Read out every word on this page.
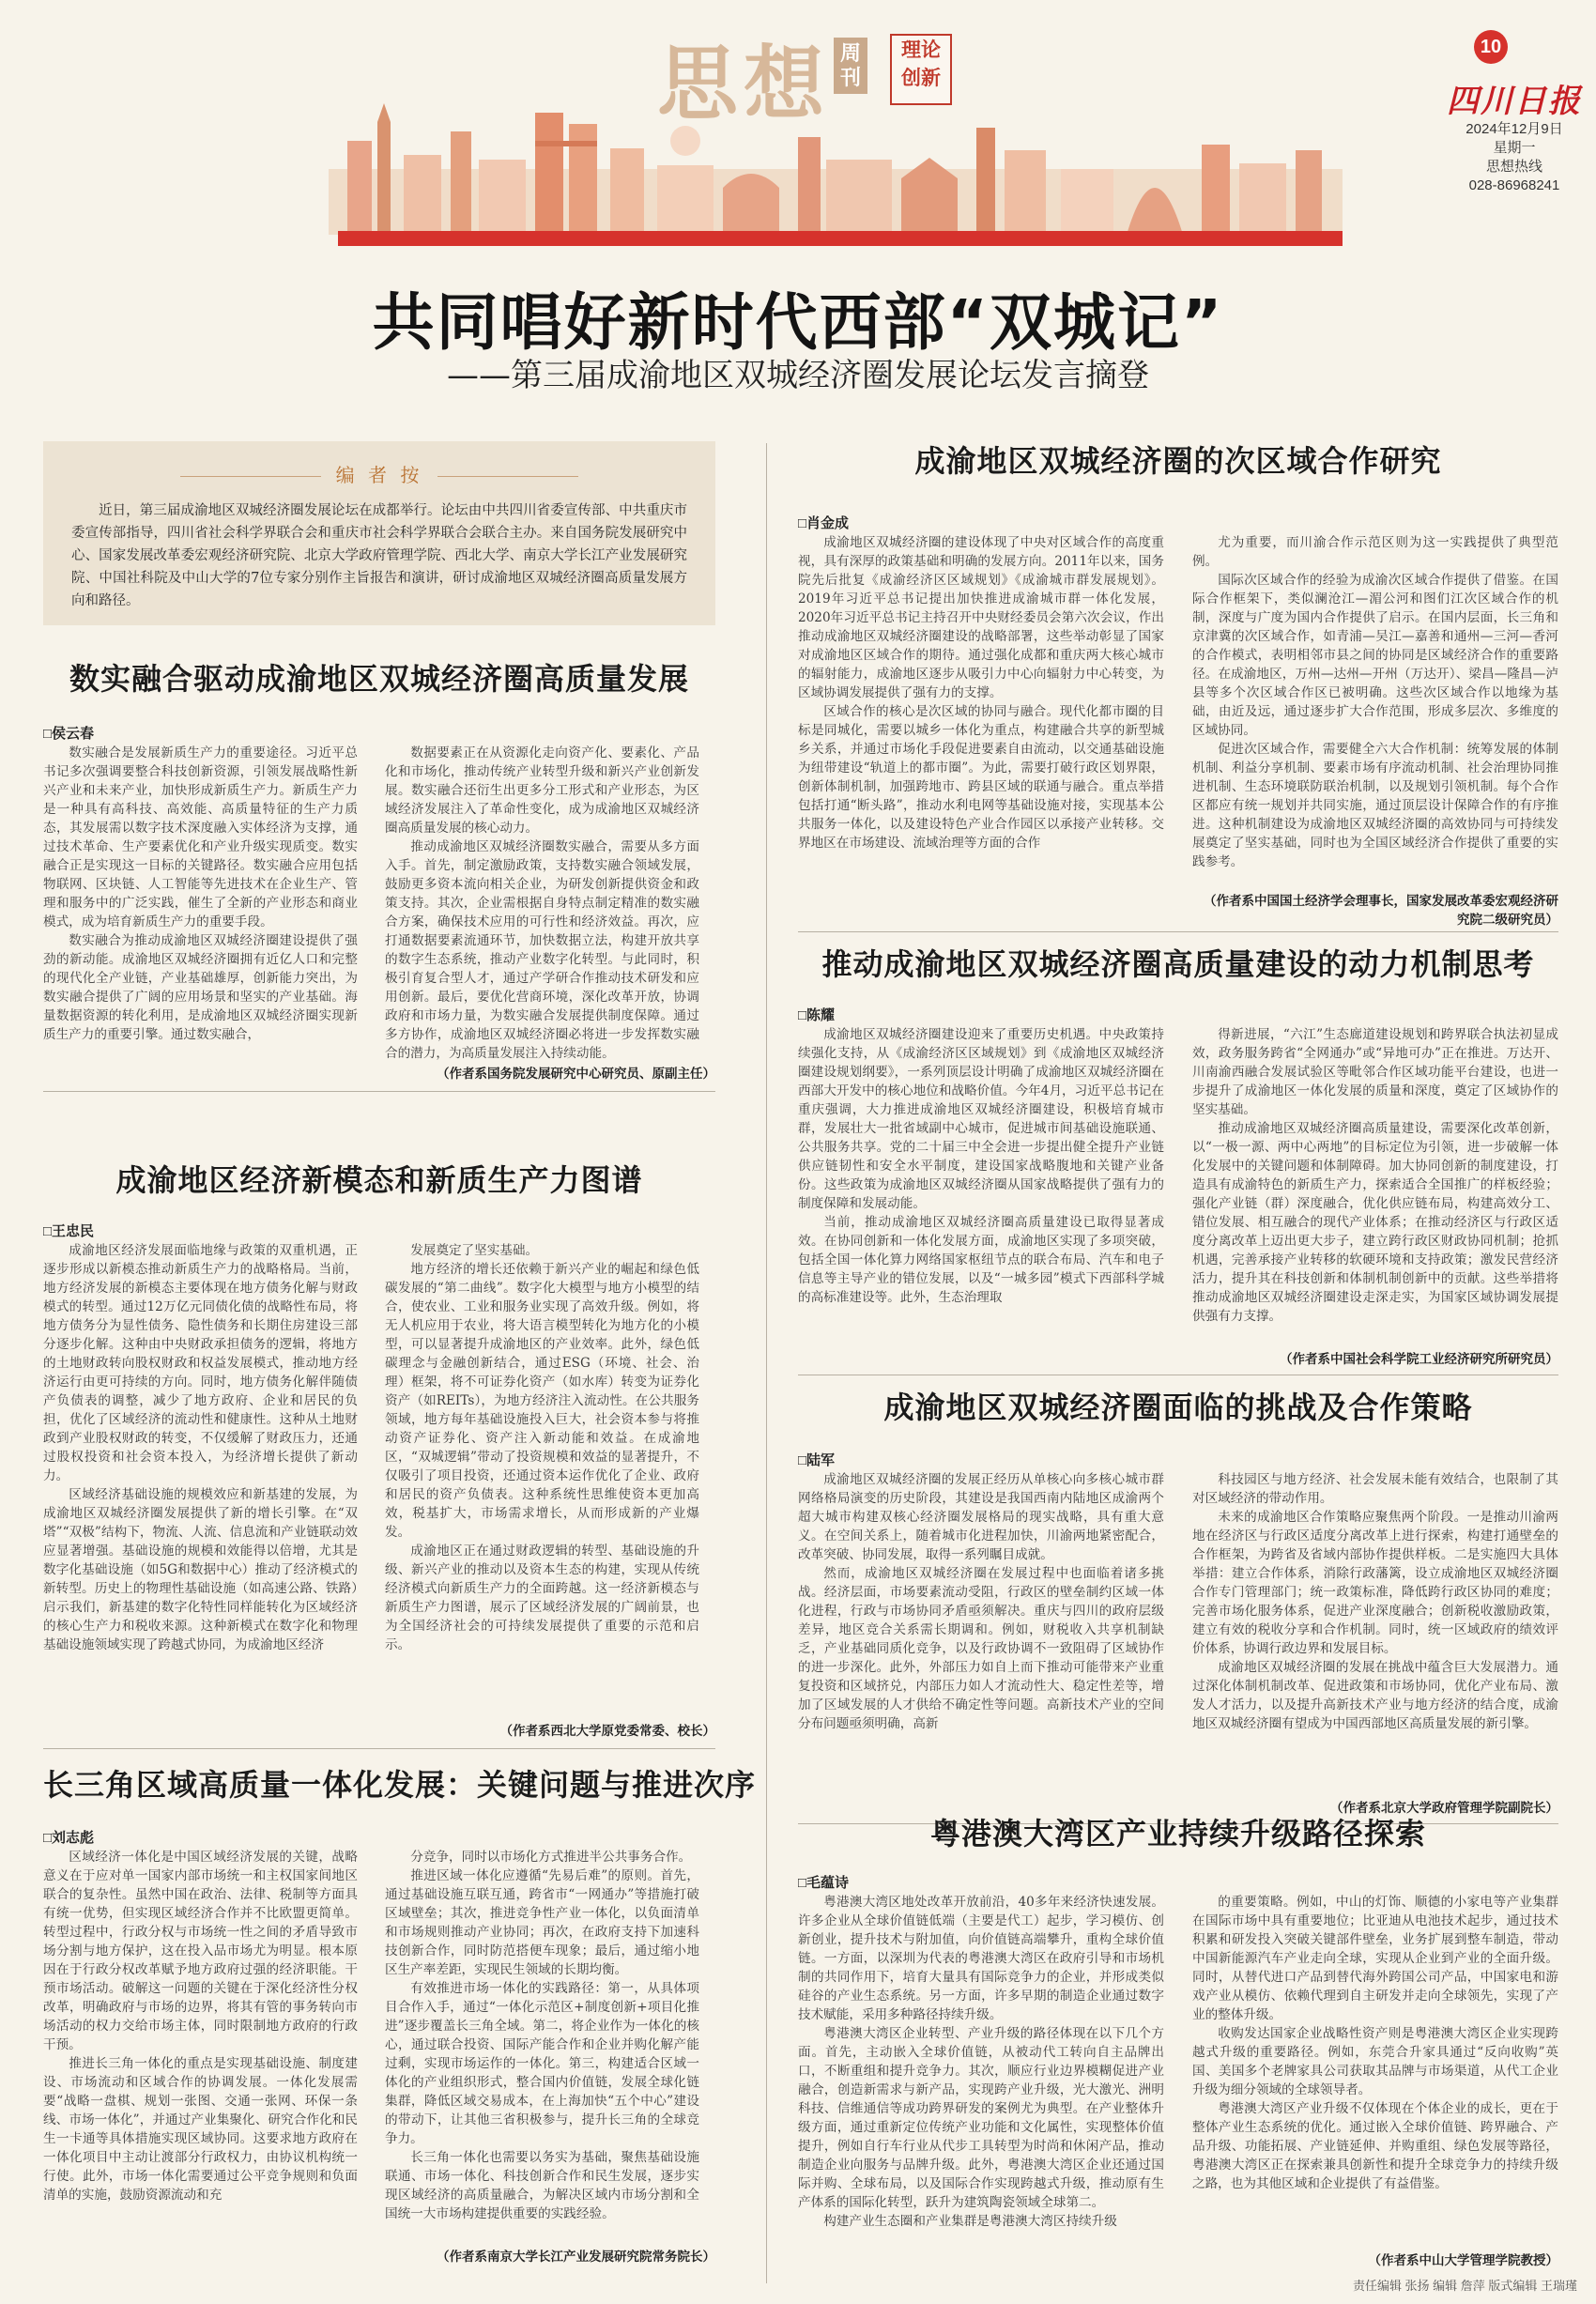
思想 周刊
理论
创新
10
四川日报
2024年12月9日
星期一
思想热线
028-86968241
共同唱好新时代西部“双城记”
——第三届成渝地区双城经济圈发展论坛发言摘登
编 者 按

近日，第三届成渝地区双城经济圈发展论坛在成都举行。论坛由中共四川省委宣传部、中共重庆市委宣传部指导，四川省社会科学界联合会和重庆市社会科学界联合会联合主办。来自国务院发展研究中心、国家发展改革委宏观经济研究院、北京大学政府管理学院、西北大学、南京大学长江产业发展研究院、中国社科院及中山大学的7位专家分别作主旨报告和演讲，研讨成渝地区双城经济圈高质量发展方向和路径。

数实融合驱动成渝地区双城经济圈高质量发展
□侯云春

数实融合是发展新质生产力的重要途径。习近平总书记多次强调要整合科技创新资源，引领发展战略性新兴产业和未来产业，加快形成新质生产力。新质生产力是一种具有高科技、高效能、高质量特征的生产力质态，其发展需以数字技术深度融入实体经济为支撑，通过技术革命、生产要素优化和产业升级实现质变。数实融合正是实现这一目标的关键路径。数实融合应用包括物联网、区块链、人工智能等先进技术在企业生产、管理和服务中的广泛实践，催生了全新的产业形态和商业模式，成为培育新质生产力的重要手段。

数实融合为推动成渝地区双城经济圈建设提供了强劲的新动能。成渝地区双城经济圈拥有近亿人口和完整的现代化全产业链，产业基础雄厚，创新能力突出，为数实融合提供了广阔的应用场景和坚实的产业基础。海量数据资源的转化利用，是成渝地区双城经济圈实现新质生产力的重要引擎。通过数实融合，

数据要素正在从资源化走向资产化、要素化、产品化和市场化，推动传统产业转型升级和新兴产业创新发展。数实融合还衍生出更多分工形式和产业形态，为区域经济发展注入了革命性变化，成为成渝地区双城经济圈高质量发展的核心动力。

推动成渝地区双城经济圈数实融合，需要从多方面入手。首先，制定激励政策，支持数实融合领域发展，鼓励更多资本流向相关企业，为研发创新提供资金和政策支持。其次，企业需根据自身特点制定精准的数实融合方案，确保技术应用的可行性和经济效益。再次，应打通数据要素流通环节，加快数据立法，构建开放共享的数字生态系统，推动产业数字化转型。与此同时，积极引育复合型人才，通过产学研合作推动技术研发和应用创新。最后，要优化营商环境，深化改革开放，协调政府和市场力量，为数实融合发展提供制度保障。通过多方协作，成渝地区双城经济圈必将进一步发挥数实融合的潜力，为高质量发展注入持续动能。

（作者系国务院发展研究中心研究员、原副主任）
成渝地区经济新模态和新质生产力图谱
□王忠民

成渝地区经济发展面临地缘与政策的双重机遇，正逐步形成以新模态推动新质生产力的战略格局。当前，地方经济发展的新模态主要体现在地方债务化解与财政模式的转型。通过12万亿元同债化债的战略性布局，将地方债务分为显性债务、隐性债务和长期住房建设三部分逐步化解。这种由中央财政承担债务的逻辑，将地方的土地财政转向股权财政和权益发展模式，推动地方经济运行由更可持续的方向。同时，地方债务化解伴随债产负债表的调整，减少了地方政府、企业和居民的负担，优化了区域经济的流动性和健康性。这种从土地财政到产业股权财政的转变，不仅缓解了财政压力，还通过股权投资和社会资本投入，为经济增长提供了新动力。

区域经济基础设施的规模效应和新基建的发展，为成渝地区双城经济圈发展提供了新的增长引擎。在“双塔”“双极”结构下，物流、人流、信息流和产业链联动效应显著增强。基础设施的规模和效能得以倍增，尤其是数字化基础设施（如5G和数据中心）推动了经济模式的新转型。历史上的物理性基础设施（如高速公路、铁路）启示我们，新基建的数字化特性同样能转化为区域经济的核心生产力和税收来源。这种新模式在数字化和物理基础设施领域实现了跨越式协同，为成渝地区经济

发展奠定了坚实基础。

地方经济的增长还依赖于新兴产业的崛起和绿色低碳发展的“第二曲线”。数字化大模型与地方小模型的结合，使农业、工业和服务业实现了高效升级。例如，将无人机应用于农业，将大语言模型转化为地方化的小模型，可以显著提升成渝地区的产业效率。此外，绿色低碳理念与金融创新结合，通过ESG（环境、社会、治理）框架，将不可证券化资产（如水库）转变为证券化资产（如REITs），为地方经济注入流动性。在公共服务领域，地方每年基础设施投入巨大，社会资本参与将推动资产证券化、资产注入新动能和效益。在成渝地区，“双城逻辑”带动了投资规模和效益的显著提升，不仅吸引了项目投资，还通过资本运作优化了企业、政府和居民的资产负债表。这种系统性思维使资本更加高效，税基扩大，市场需求增长，从而形成新的产业爆发。

成渝地区正在通过财政逻辑的转型、基础设施的升级、新兴产业的推动以及资本生态的构建，实现从传统经济模式向新质生产力的全面跨越。这一经济新模态与新质生产力图谱，展示了区域经济发展的广阔前景，也为全国经济社会的可持续发展提供了重要的示范和启示。

（作者系西北大学原党委常委、校长）
长三角区域高质量一体化发展：关键问题与推进次序
□刘志彪

区域经济一体化是中国区域经济发展的关键，战略意义在于应对单一国家内部市场统一和主权国家间地区联合的复杂性。虽然中国在政治、法律、税制等方面具有统一优势，但实现区域经济合作并不比欧盟更简单。转型过程中，行政分权与市场统一性之间的矛盾导致市场分割与地方保护，这在投入品市场尤为明显。根本原因在于行政分权改革赋予地方政府过强的经济职能。干预市场活动。破解这一问题的关键在于深化经济性分权改革，明确政府与市场的边界，将其有管的事务转向市场活动的权力交给市场主体，同时限制地方政府的行政干预。

推进长三角一体化的重点是实现基础设施、制度建设、市场流动和区域合作的协调发展。一体化发展需要“战略一盘棋、规划一张图、交通一张网、环保一条线、市场一体化”，并通过产业集聚化、研究合作化和民生一卡通等具体措施实现区域协同。这要求地方政府在一体化项目中主动让渡部分行政权力，由协议机构统一行使。此外，市场一体化需要通过公平竞争规则和负面清单的实施，鼓励资源流动和充

分竞争，同时以市场化方式推进半公共事务合作。

推进区域一体化应遵循“先易后难”的原则。首先，通过基础设施互联互通，跨省市“一网通办”等措施打破区域壁垒；其次，推进竞争性产业一体化，以负面清单和市场规则推动产业协同；再次，在政府支持下加速科技创新合作，同时防范搭便车现象；最后，通过缩小地区生产率差距，实现民生领域的长期均衡。

有效推进市场一体化的实践路径：第一，从具体项目合作入手，通过“一体化示范区+制度创新+项目化推进”逐步覆盖长三角全域。第二，将企业作为一体化的核心，通过联合投资、国际产能合作和企业并购化解产能过剩，实现市场运作的一体化。第三，构建适合区域一体化的产业组织形式，整合国内价值链，发展全球化链集群，降低区域交易成本，在上海加快“五个中心”建设的带动下，让其他三省积极参与，提升长三角的全球竞争力。

长三角一体化也需要以务实为基础，聚焦基础设施联通、市场一体化、科技创新合作和民生发展，逐步实现区域经济的高质量融合，为解决区域内市场分割和全国统一大市场构建提供重要的实践经验。

（作者系南京大学长江产业发展研究院常务院长）
成渝地区双城经济圈的次区域合作研究
□肖金成

成渝地区双城经济圈的建设体现了中央对区域合作的高度重视，具有深厚的政策基础和明确的发展方向。2011年以来，国务院先后批复《成渝经济区区域规划》《成渝城市群发展规划》。2019年习近平总书记提出加快推进成渝城市群一体化发展，2020年习近平总书记主持召开中央财经委员会第六次会议，作出推动成渝地区双城经济圈建设的战略部署，这些举动彰显了国家对成渝地区区域合作的期待。通过强化成都和重庆两大核心城市的辐射能力，成渝地区逐步从吸引力中心向辐射力中心转变，为区域协调发展提供了强有力的支撑。

区域合作的核心是次区域的协同与融合。现代化都市圈的目标是同城化，需要以城乡一体化为重点，构建融合共享的新型城乡关系，并通过市场化手段促进要素自由流动，以交通基础设施为纽带建设“轨道上的都市圈”。为此，需要打破行政区划界限，创新体制机制，加强跨地市、跨县区域的联通与融合。重点举措包括打通“断头路”，推动水利电网等基础设施对接，实现基本公共服务一体化，以及建设特色产业合作园区以承接产业转移。交界地区在市场建设、流域治理等方面的合作

尤为重要，而川渝合作示范区则为这一实践提供了典型范例。

国际次区域合作的经验为成渝次区域合作提供了借鉴。在国际合作框架下，类似澜沧江—湄公河和图们江次区域合作的机制，深度与广度为国内合作提供了启示。在国内层面，长三角和京津冀的次区域合作，如青浦—吴江—嘉善和通州—三河—香河的合作模式，表明相邻市县之间的协同是区域经济合作的重要路径。在成渝地区，万州—达州—开州（万达开）、梁昌—隆昌—泸县等多个次区域合作区已被明确。这些次区域合作以地缘为基础，由近及远，通过逐步扩大合作范围，形成多层次、多维度的区域协同。

促进次区域合作，需要健全六大合作机制：统筹发展的体制机制、利益分享机制、要素市场有序流动机制、社会治理协同推进机制、生态环境联防联治机制，以及规划引领机制。每个合作区都应有统一规划并共同实施，通过顶层设计保障合作的有序推进。这种机制建设为成渝地区双城经济圈的高效协同与可持续发展奠定了坚实基础，同时也为全国区域经济合作提供了重要的实践参考。

（作者系中国国土经济学会理事长，国家发展改革委宏观经济研究院二级研究员）
推动成渝地区双城经济圈高质量建设的动力机制思考
□陈耀

成渝地区双城经济圈建设迎来了重要历史机遇。中央政策持续强化支持，从《成渝经济区区域规划》到《成渝地区双城经济圈建设规划纲要》，一系列顶层设计明确了成渝地区双城经济圈在西部大开发中的核心地位和战略价值。今年4月，习近平总书记在重庆强调，大力推进成渝地区双城经济圈建设，积极培育城市群，发展壮大一批省域副中心城市，促进城市间基础设施联通、公共服务共享。党的二十届三中全会进一步提出健全提升产业链供应链韧性和安全水平制度，建设国家战略腹地和关键产业备份。这些政策为成渝地区双城经济圈从国家战略提供了强有力的制度保障和发展动能。

当前，推动成渝地区双城经济圈高质量建设已取得显著成效。在协同创新和一体化发展方面，成渝地区实现了多项突破，包括全国一体化算力网络国家枢纽节点的联合布局、汽车和电子信息等主导产业的错位发展，以及“一城多园”模式下西部科学城的高标准建设等。此外，生态治理取

得新进展，“六江”生态廊道建设规划和跨界联合执法初显成效，政务服务跨省“全网通办”或“异地可办”正在推进。万达开、川南渝西融合发展试验区等毗邻合作区域功能平台建设，也进一步提升了成渝地区一体化发展的质量和深度，奠定了区域协作的坚实基础。

推动成渝地区双城经济圈高质量建设，需要深化改革创新，以“一极一源、两中心两地”的目标定位为引领，进一步破解一体化发展中的关键问题和体制障碍。加大协同创新的制度建设，打造具有成渝特色的新质生产力，探索适合全国推广的样板经验；强化产业链（群）深度融合，优化供应链布局，构建高效分工、错位发展、相互融合的现代产业体系；在推动经济区与行政区适度分离改革上迈出更大步子，建立跨行政区财政协同机制；抢抓机遇，完善承接产业转移的软硬环境和支持政策；激发民营经济活力，提升其在科技创新和体制机制创新中的贡献。这些举措将推动成渝地区双城经济圈建设走深走实，为国家区域协调发展提供强有力支撑。

（作者系中国社会科学院工业经济研究所研究员）
成渝地区双城经济圈面临的挑战及合作策略
□陆军

成渝地区双城经济圈的发展正经历从单核心向多核心城市群网络格局演变的历史阶段，其建设是我国西南内陆地区成渝两个超大城市构建双核心经济圈发展格局的现实战略，具有重大意义。在空间关系上，随着城市化进程加快，川渝两地紧密配合，改革突破、协同发展，取得一系列瞩目成就。

然而，成渝地区双城经济圈在发展过程中也面临着诸多挑战。经济层面，市场要素流动受阻，行政区的壁垒制约区域一体化进程，行政与市场协同矛盾亟须解决。重庆与四川的政府层级差异，地区竞合关系需长期调和。例如，财税收入共享机制缺乏，产业基础同质化竞争，以及行政协调不一致阻碍了区域协作的进一步深化。此外，外部压力如自上而下推动可能带来产业重复投资和区域挤兑，内部压力如人才流动性大、稳定性差等，增加了区域发展的人才供给不确定性等问题。高新技术产业的空间分布问题亟须明确，高新

科技园区与地方经济、社会发展未能有效结合，也限制了其对区域经济的带动作用。

未来的成渝地区合作策略应聚焦两个阶段。一是推动川渝两地在经济区与行政区适度分离改革上进行探索，构建打通壁垒的合作框架，为跨省及省域内部协作提供样板。二是实施四大具体举措：建立合作体系，消除行政藩篱，设立成渝地区双城经济圈合作专门管理部门；统一政策标准，降低跨行政区协同的难度；完善市场化服务体系，促进产业深度融合；创新税收激励政策，建立有效的税收分享和合作机制。同时，统一区域政府的绩效评价体系，协调行政边界和发展目标。

成渝地区双城经济圈的发展在挑战中蕴含巨大发展潜力。通过深化体制机制改革、促进政策和市场协同，优化产业布局、激发人才活力，以及提升高新技术产业与地方经济的结合度，成渝地区双城经济圈有望成为中国西部地区高质量发展的新引擎。

（作者系北京大学政府管理学院副院长）
粤港澳大湾区产业持续升级路径探索
□毛蕴诗

粤港澳大湾区地处改革开放前沿，40多年来经济快速发展。许多企业从全球价值链低端（主要是代工）起步，学习模仿、创新创业，提升技术与附加值，向价值链高端攀升，重构全球价值链。一方面，以深圳为代表的粤港澳大湾区在政府引导和市场机制的共同作用下，培育大量具有国际竞争力的企业，并形成类似硅谷的产业生态系统。另一方面，许多早期的制造企业通过数字技术赋能，采用多种路径持续升级。

粤港澳大湾区企业转型、产业升级的路径体现在以下几个方面。首先，主动嵌入全球价值链，从被动代工转向自主品牌出口，不断重组和提升竞争力。其次，顺应行业边界模糊促进产业融合，创造新需求与新产品，实现跨产业升级，光大激光、洲明科技、信维通信等成功跨界研发的案例尤为典型。在产业整体升级方面，通过重新定位传统产业功能和文化属性，实现整体价值提升，例如自行车行业从代步工具转型为时尚和休闲产品，推动制造企业向服务与品牌升级。此外，粤港澳大湾区企业还通过国际并购、全球布局，以及国际合作实现跨越式升级，推动原有生产体系的国际化转型，跃升为建筑陶瓷领域全球第二。

构建产业生态圈和产业集群是粤港澳大湾区持续升级

的重要策略。例如，中山的灯饰、顺德的小家电等产业集群在国际市场中具有重要地位；比亚迪从电池技术起步，通过技术积累和研发投入突破关键部件壁垒，业务扩展到整车制造，带动中国新能源汽车产业走向全球，实现从企业到产业的全面升级。同时，从替代进口产品到替代海外跨国公司产品，中国家电和游戏产业从模仿、依赖代理到自主研发并走向全球领先，实现了产业的整体升级。

收购发达国家企业战略性资产则是粤港澳大湾区企业实现跨越式升级的重要路径。例如，东莞合升家具通过“反向收购”英国、美国多个老牌家具公司获取其品牌与市场渠道，从代工企业升级为细分领域的全球领导者。

粤港澳大湾区产业升级不仅体现在个体企业的成长，更在于整体产业生态系统的优化。通过嵌入全球价值链、跨界融合、产品升级、功能拓展、产业链延伸、并购重组、绿色发展等路径，粤港澳大湾区正在探索兼具创新性和提升全球竞争力的持续升级之路，也为其他区域和企业提供了有益借鉴。

（作者系中山大学管理学院教授）
责任编辑 张扬 编辑 詹萍 版式编辑 王瑞瑾
